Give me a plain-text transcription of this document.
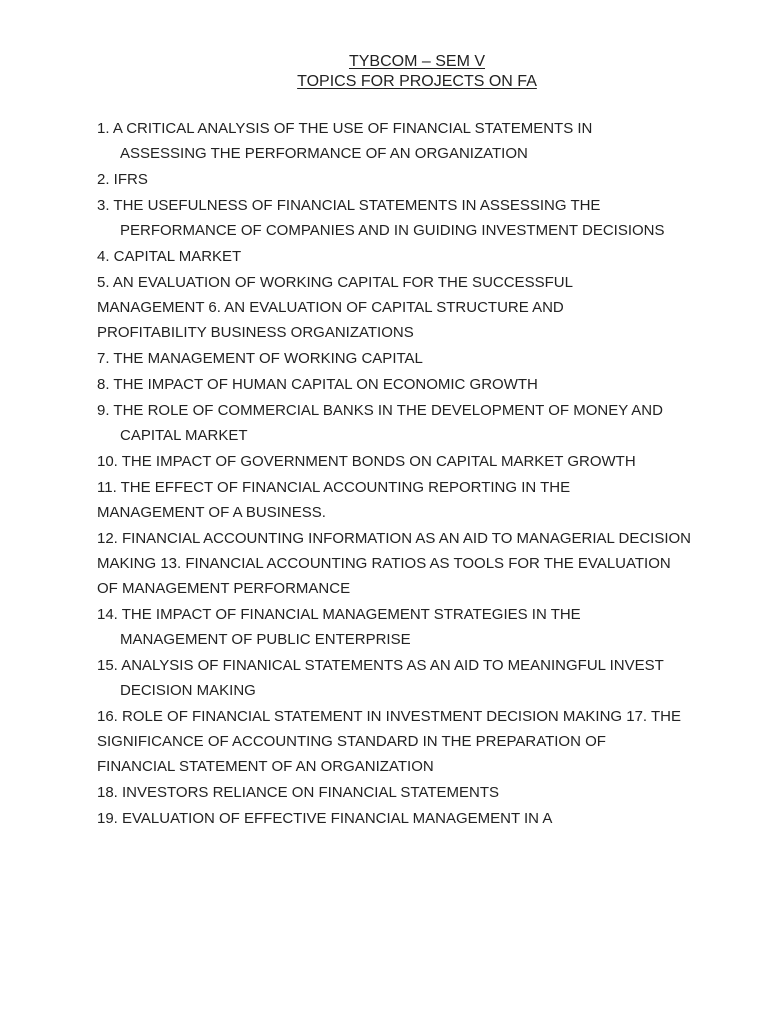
TYBCOM – SEM V
TOPICS FOR PROJECTS ON FA
1. A CRITICAL ANALYSIS OF THE USE OF FINANCIAL STATEMENTS IN
ASSESSING THE PERFORMANCE OF AN ORGANIZATION
2. IFRS
3. THE USEFULNESS OF FINANCIAL STATEMENTS IN ASSESSING THE
PERFORMANCE OF COMPANIES AND IN GUIDING INVESTMENT DECISIONS
4. CAPITAL MARKET
5. AN EVALUATION OF WORKING CAPITAL FOR THE SUCCESSFUL
MANAGEMENT 6. AN EVALUATION OF CAPITAL STRUCTURE AND
PROFITABILITY BUSINESS ORGANIZATIONS
7. THE MANAGEMENT OF WORKING CAPITAL
8. THE IMPACT OF HUMAN CAPITAL ON ECONOMIC GROWTH
9. THE ROLE OF COMMERCIAL BANKS IN THE DEVELOPMENT OF MONEY AND
CAPITAL MARKET
10. THE IMPACT OF GOVERNMENT BONDS ON CAPITAL MARKET GROWTH
11. THE EFFECT OF FINANCIAL ACCOUNTING REPORTING IN THE
MANAGEMENT OF A BUSINESS.
12. FINANCIAL ACCOUNTING INFORMATION AS AN AID TO MANAGERIAL DECISION
MAKING 13. FINANCIAL ACCOUNTING RATIOS AS TOOLS FOR THE EVALUATION
OF MANAGEMENT PERFORMANCE
14. THE IMPACT OF FINANCIAL MANAGEMENT STRATEGIES IN THE
MANAGEMENT OF PUBLIC ENTERPRISE
15. ANALYSIS OF FINANICAL STATEMENTS AS AN AID TO MEANINGFUL INVEST
DECISION MAKING
16. ROLE OF FINANCIAL STATEMENT IN INVESTMENT DECISION MAKING 17. THE
SIGNIFICANCE OF ACCOUNTING STANDARD IN THE PREPARATION OF
FINANCIAL STATEMENT OF AN ORGANIZATION
18. INVESTORS RELIANCE ON FINANCIAL STATEMENTS
19. EVALUATION OF EFFECTIVE FINANCIAL MANAGEMENT IN A
